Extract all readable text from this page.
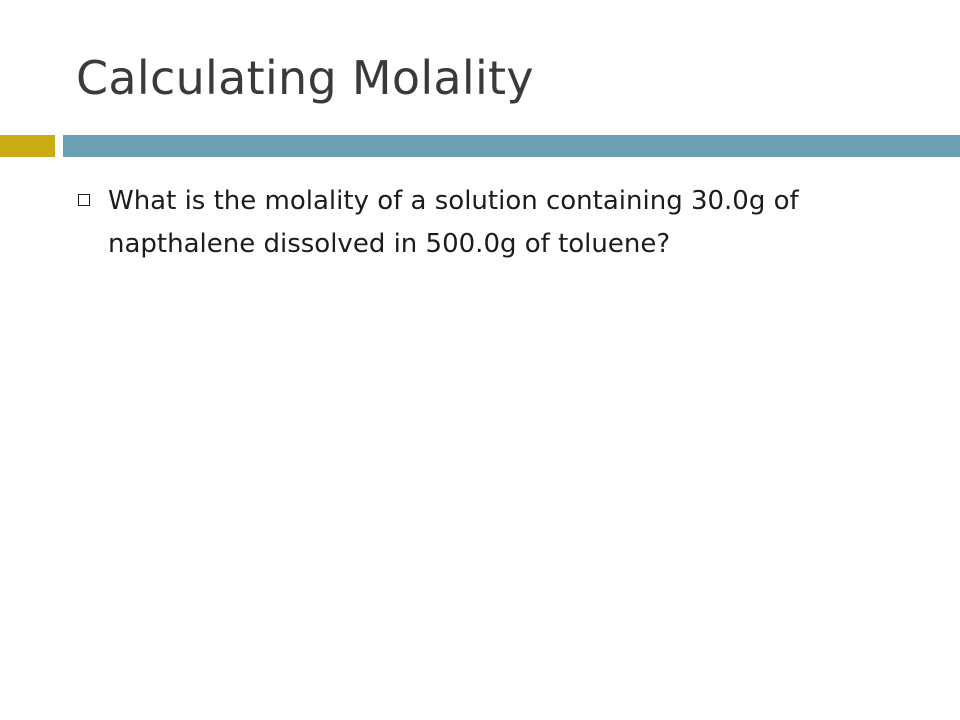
Calculating Molality
What is the molality of a solution containing 30.0g of napthalene dissolved in 500.0g of toluene?
